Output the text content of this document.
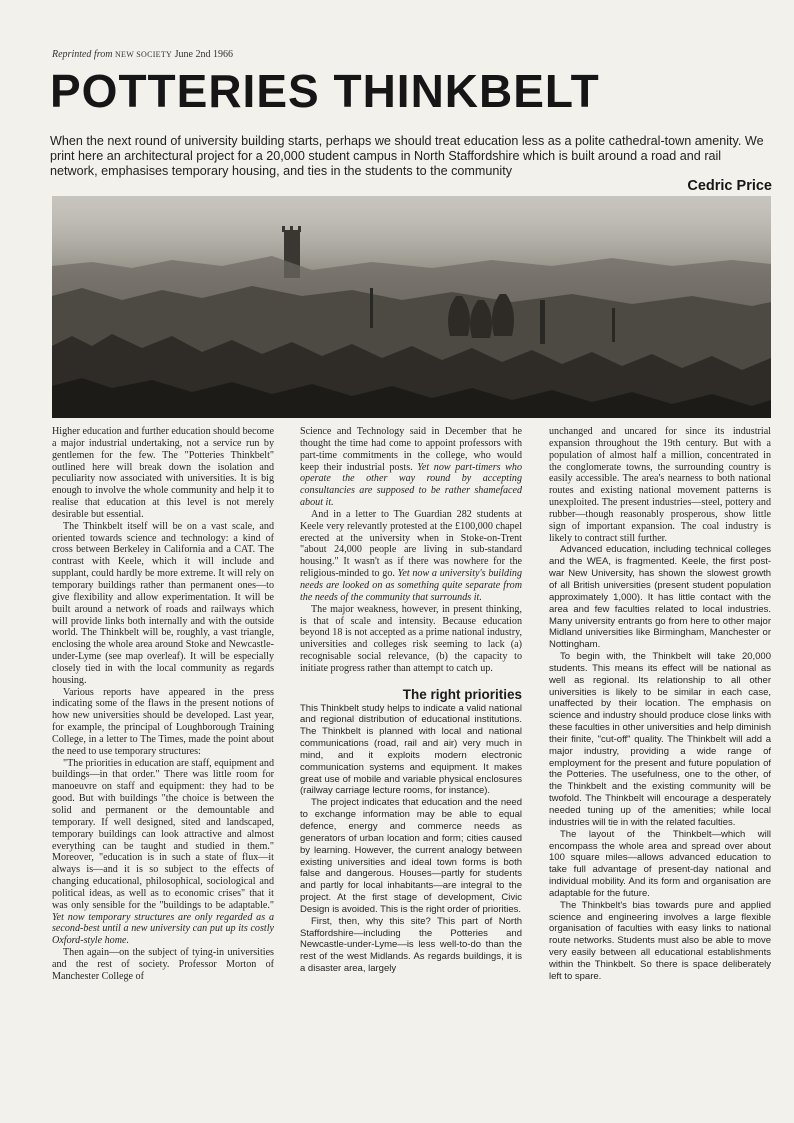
Reprinted from NEW SOCIETY June 2nd 1966
POTTERIES THINKBELT
When the next round of university building starts, perhaps we should treat education less as a polite cathedral-town amenity. We print here an architectural project for a 20,000 student campus in North Staffordshire which is built around a road and rail network, emphasises temporary housing, and ties in the students to the community
Cedric Price

Higher education and further education should become a major industrial undertaking, not a service run by gentlemen for the few. The "Potteries Thinkbelt" outlined here will break down the isolation and peculiarity now associated with universities. It is big enough to involve the whole community and help it to realise that education at this level is not merely desirable but essential.

The Thinkbelt itself will be on a vast scale, and oriented towards science and technology: a kind of cross between Berkeley in California and a CAT. The contrast with Keele, which it will include and supplant, could hardly be more extreme. It will rely on temporary buildings rather than permanent ones—to give flexibility and allow experimentation. It will be built around a network of roads and railways which will provide links both internally and with the outside world. The Thinkbelt will be, roughly, a vast triangle, enclosing the whole area around Stoke and Newcastle-under-Lyme (see map overleaf). It will be especially closely tied in with the local community as regards housing.

Various reports have appeared in the press indicating some of the flaws in the present notions of how new universities should be developed. Last year, for example, the principal of Loughborough Training College, in a letter to The Times, made the point about the need to use temporary structures:

"The priorities in education are staff, equipment and buildings—in that order." There was little room for manoeuvre on staff and equipment: they had to be good. But with buildings "the choice is between the solid and permanent or the demountable and temporary. If well designed, sited and landscaped, temporary buildings can look attractive and almost everything can be taught and studied in them." Moreover, "education is in such a state of flux—it always is—and it is so subject to the effects of changing educational, philosophical, sociological and political ideas, as well as to economic crises" that it was only sensible for the "buildings to be adaptable." Yet now temporary structures are only regarded as a second-best until a new university can put up its costly Oxford-style home.

Then again—on the subject of tying-in universities and the rest of society. Professor Morton of Manchester College of

Science and Technology said in December that he thought the time had come to appoint professors with part-time commitments in the college, who would keep their industrial posts. Yet now part-timers who operate the other way round by accepting consultancies are supposed to be rather shamefaced about it.

And in a letter to The Guardian 282 students at Keele very relevantly protested at the £100,000 chapel erected at the university when in Stoke-on-Trent "about 24,000 people are living in sub-standard housing." It wasn't as if there was nowhere for the religious-minded to go. Yet now a university's building needs are looked on as something quite separate from the needs of the community that surrounds it.

The major weakness, however, in present thinking, is that of scale and intensity. Because education beyond 18 is not accepted as a prime national industry, universities and colleges risk seeming to lack (a) recognisable social relevance, (b) the capacity to initiate progress rather than attempt to catch up.

The right priorities

This Thinkbelt study helps to indicate a valid national and regional distribution of educational institutions. The Thinkbelt is planned with local and national communications (road, rail and air) very much in mind, and it exploits modern electronic communication systems and equipment. It makes great use of mobile and variable physical enclosures (railway carriage lecture rooms, for instance).

The project indicates that education and the need to exchange information may be able to equal defence, energy and commerce needs as generators of urban location and form; cities caused by learning. However, the current analogy between existing universities and ideal town forms is both false and dangerous. Houses—partly for students and partly for local inhabitants—are integral to the project. At the first stage of development, Civic Design is avoided. This is the right order of priorities.

First, then, why this site? This part of North Staffordshire—including the Potteries and Newcastle-under-Lyme—is less well-to-do than the rest of the west Midlands. As regards buildings, it is a disaster area, largely

unchanged and uncared for since its industrial expansion throughout the 19th century. But with a population of almost half a million, concentrated in the conglomerate towns, the surrounding country is easily accessible. The area's nearness to both national routes and existing national movement patterns is unexploited. The present industries—steel, pottery and rubber—though reasonably prosperous, show little sign of important expansion. The coal industry is likely to contract still further.

Advanced education, including technical colleges and the WEA, is fragmented. Keele, the first post-war New University, has shown the slowest growth of all British universities (present student population approximately 1,000). It has little contact with the area and few faculties related to local industries. Many university entrants go from here to other major Midland universities like Birmingham, Manchester or Nottingham.

To begin with, the Thinkbelt will take 20,000 students. This means its effect will be national as well as regional. Its relationship to all other universities is likely to be similar in each case, unaffected by their location. The emphasis on science and industry should produce close links with these faculties in other universities and help diminish their finite, "cut-off" quality. The Thinkbelt will add a major industry, providing a wide range of employment for the present and future population of the Potteries. The usefulness, one to the other, of the Thinkbelt and the existing community will be twofold. The Thinkbelt will encourage a desperately needed tuning up of the amenities; while local industries will tie in with the related faculties.

The layout of the Thinkbelt—which will encompass the whole area and spread over about 100 square miles—allows advanced education to take full advantage of present-day national and individual mobility. And its form and organisation are adaptable for the future.

The Thinkbelt's bias towards pure and applied science and engineering involves a large flexible organisation of faculties with easy links to national route networks. Students must also be able to move very easily between all educational establishments within the Thinkbelt. So there is space deliberately left to spare.
